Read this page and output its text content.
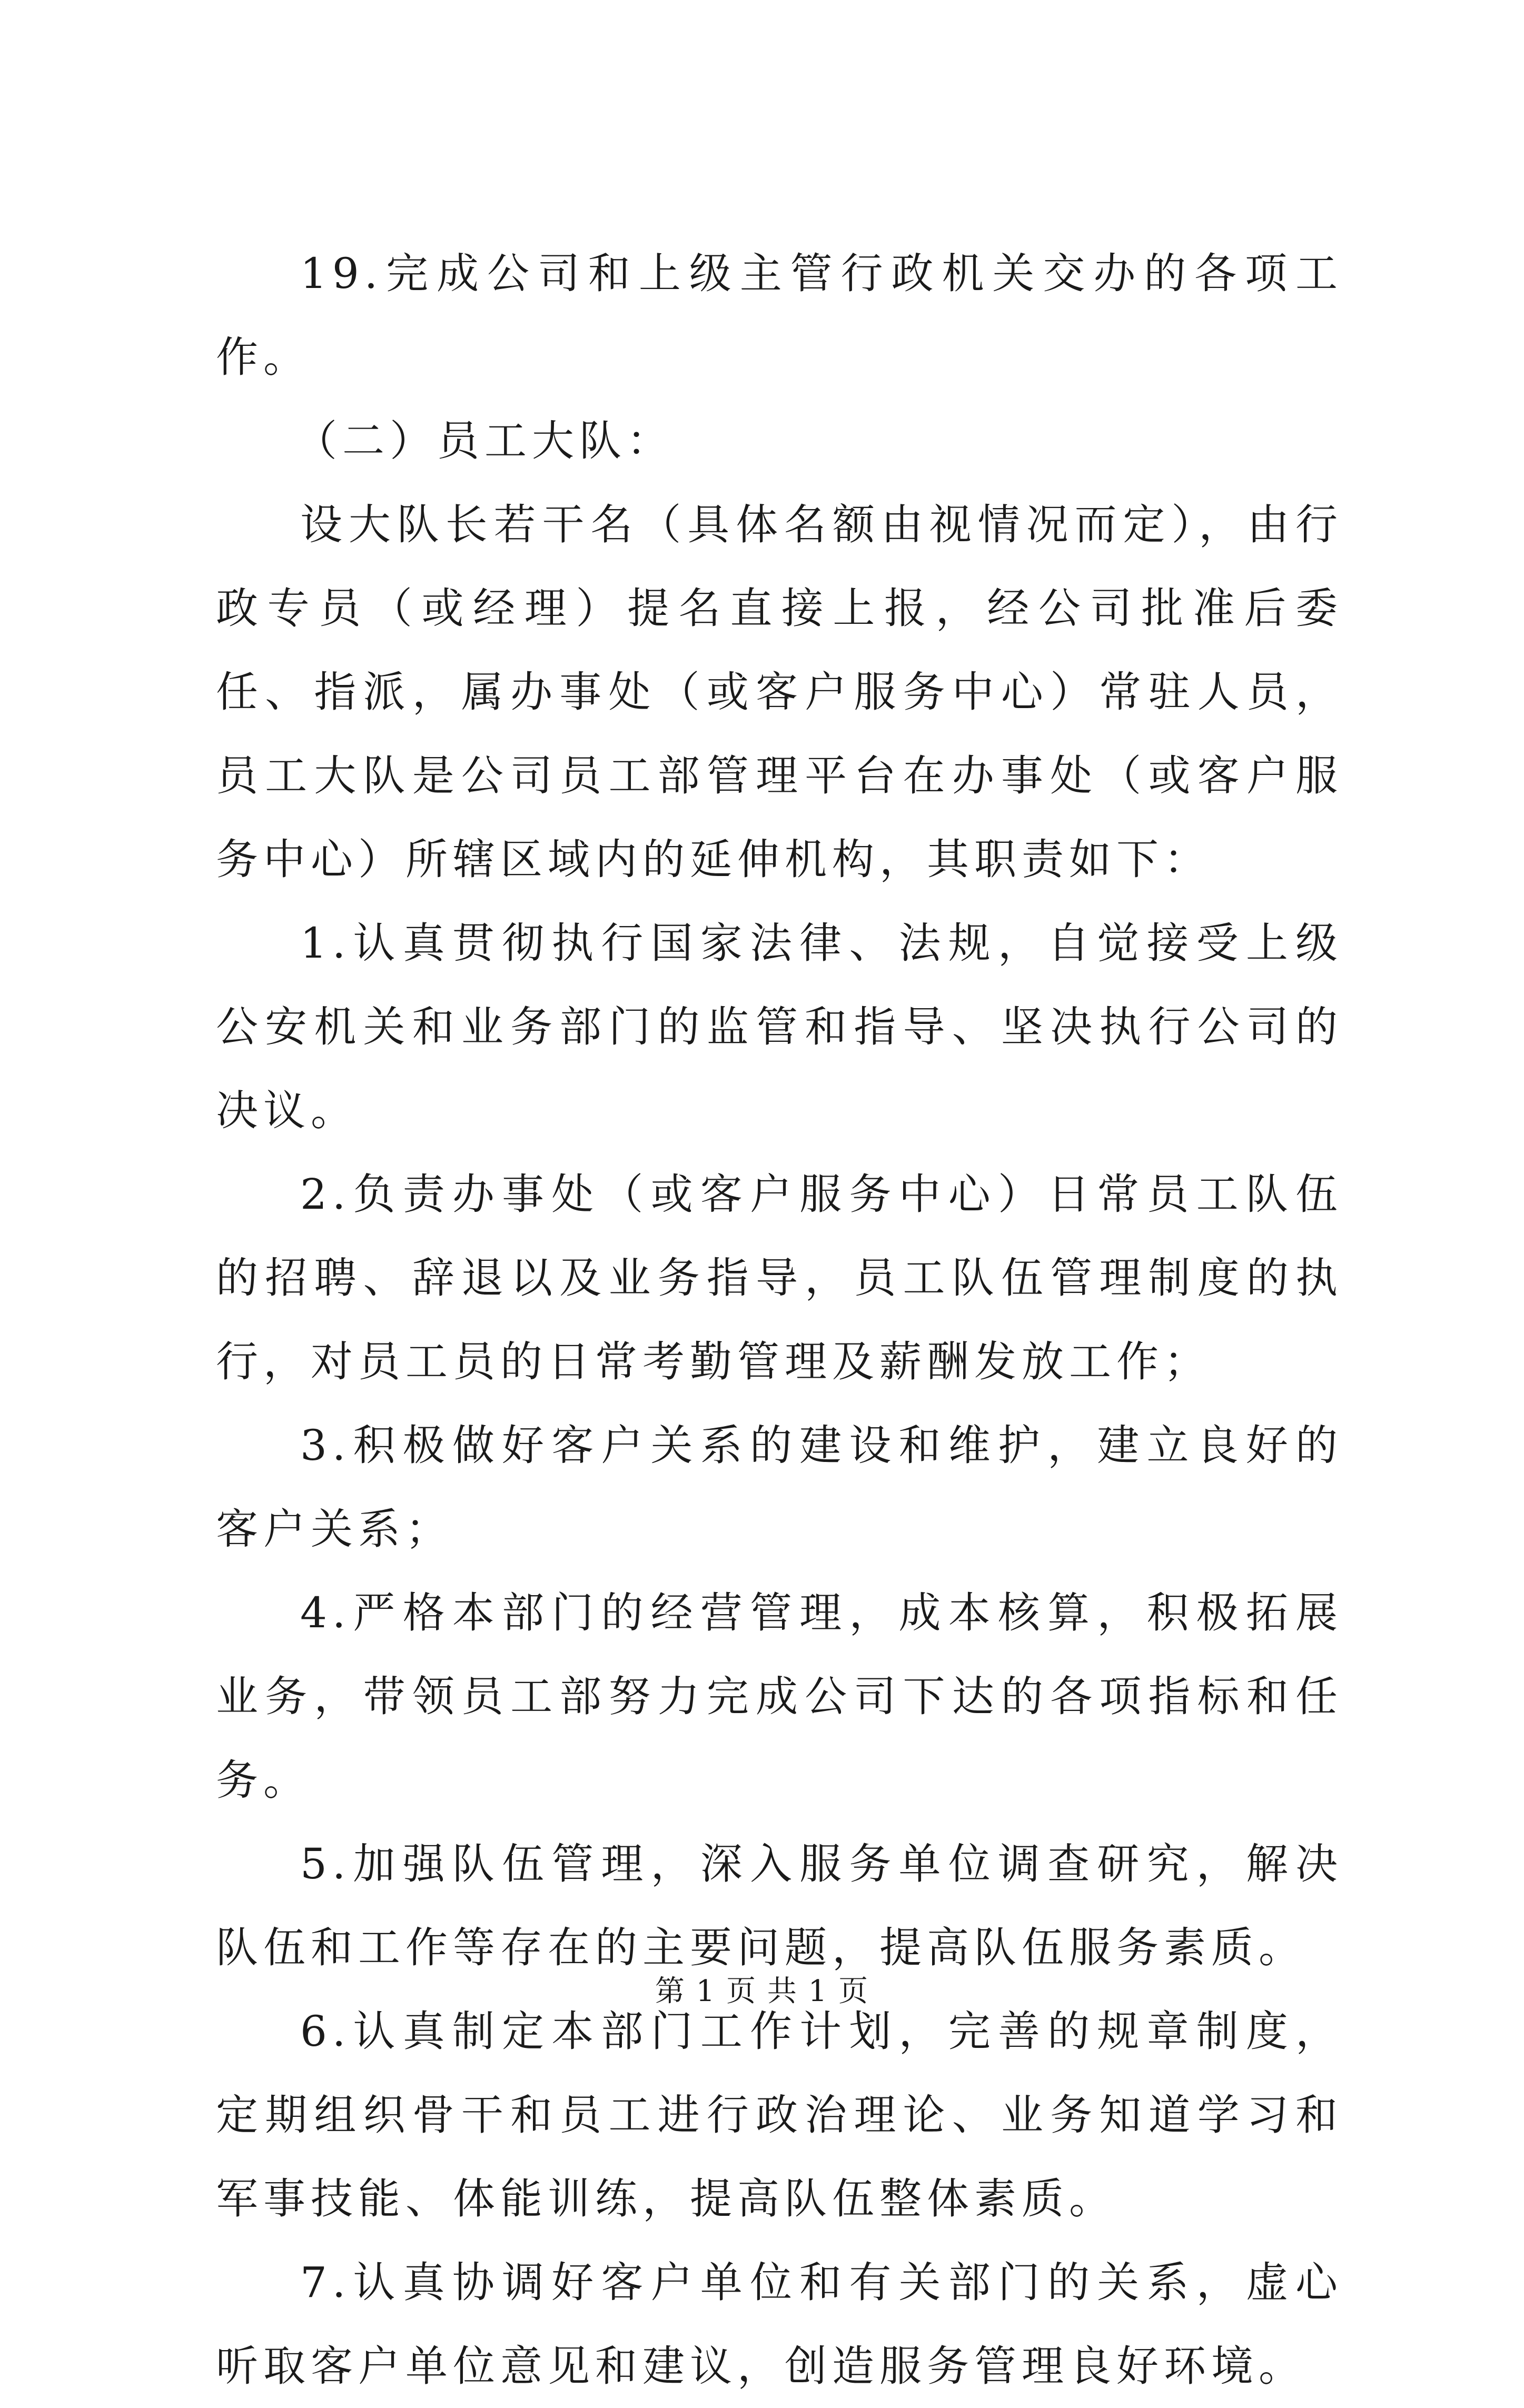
19.完成公司和上级主管行政机关交办的各项工作。

（二）员工大队：

设大队长若干名（具体名额由视情况而定），由行政专员（或经理）提名直接上报，经公司批准后委任、指派，属办事处（或客户服务中心）常驻人员，员工大队是公司员工部管理平台在办事处（或客户服务中心）所辖区域内的延伸机构，其职责如下：

1.认真贯彻执行国家法律、法规，自觉接受上级公安机关和业务部门的监管和指导、坚决执行公司的决议。

2.负责办事处（或客户服务中心）日常员工队伍的招聘、辞退以及业务指导，员工队伍管理制度的执行，对员工员的日常考勤管理及薪酬发放工作；

3.积极做好客户关系的建设和维护，建立良好的客户关系；

4.严格本部门的经营管理，成本核算，积极拓展业务，带领员工部努力完成公司下达的各项指标和任务。

5.加强队伍管理，深入服务单位调查研究，解决队伍和工作等存在的主要问题，提高队伍服务素质。

6.认真制定本部门工作计划，完善的规章制度，定期组织骨干和员工进行政治理论、业务知道学习和军事技能、体能训练，提高队伍整体素质。

7.认真协调好客户单位和有关部门的关系，虚心听取客户单位意见和建议，创造服务管理良好环境。

第 1 页 共 1 页
